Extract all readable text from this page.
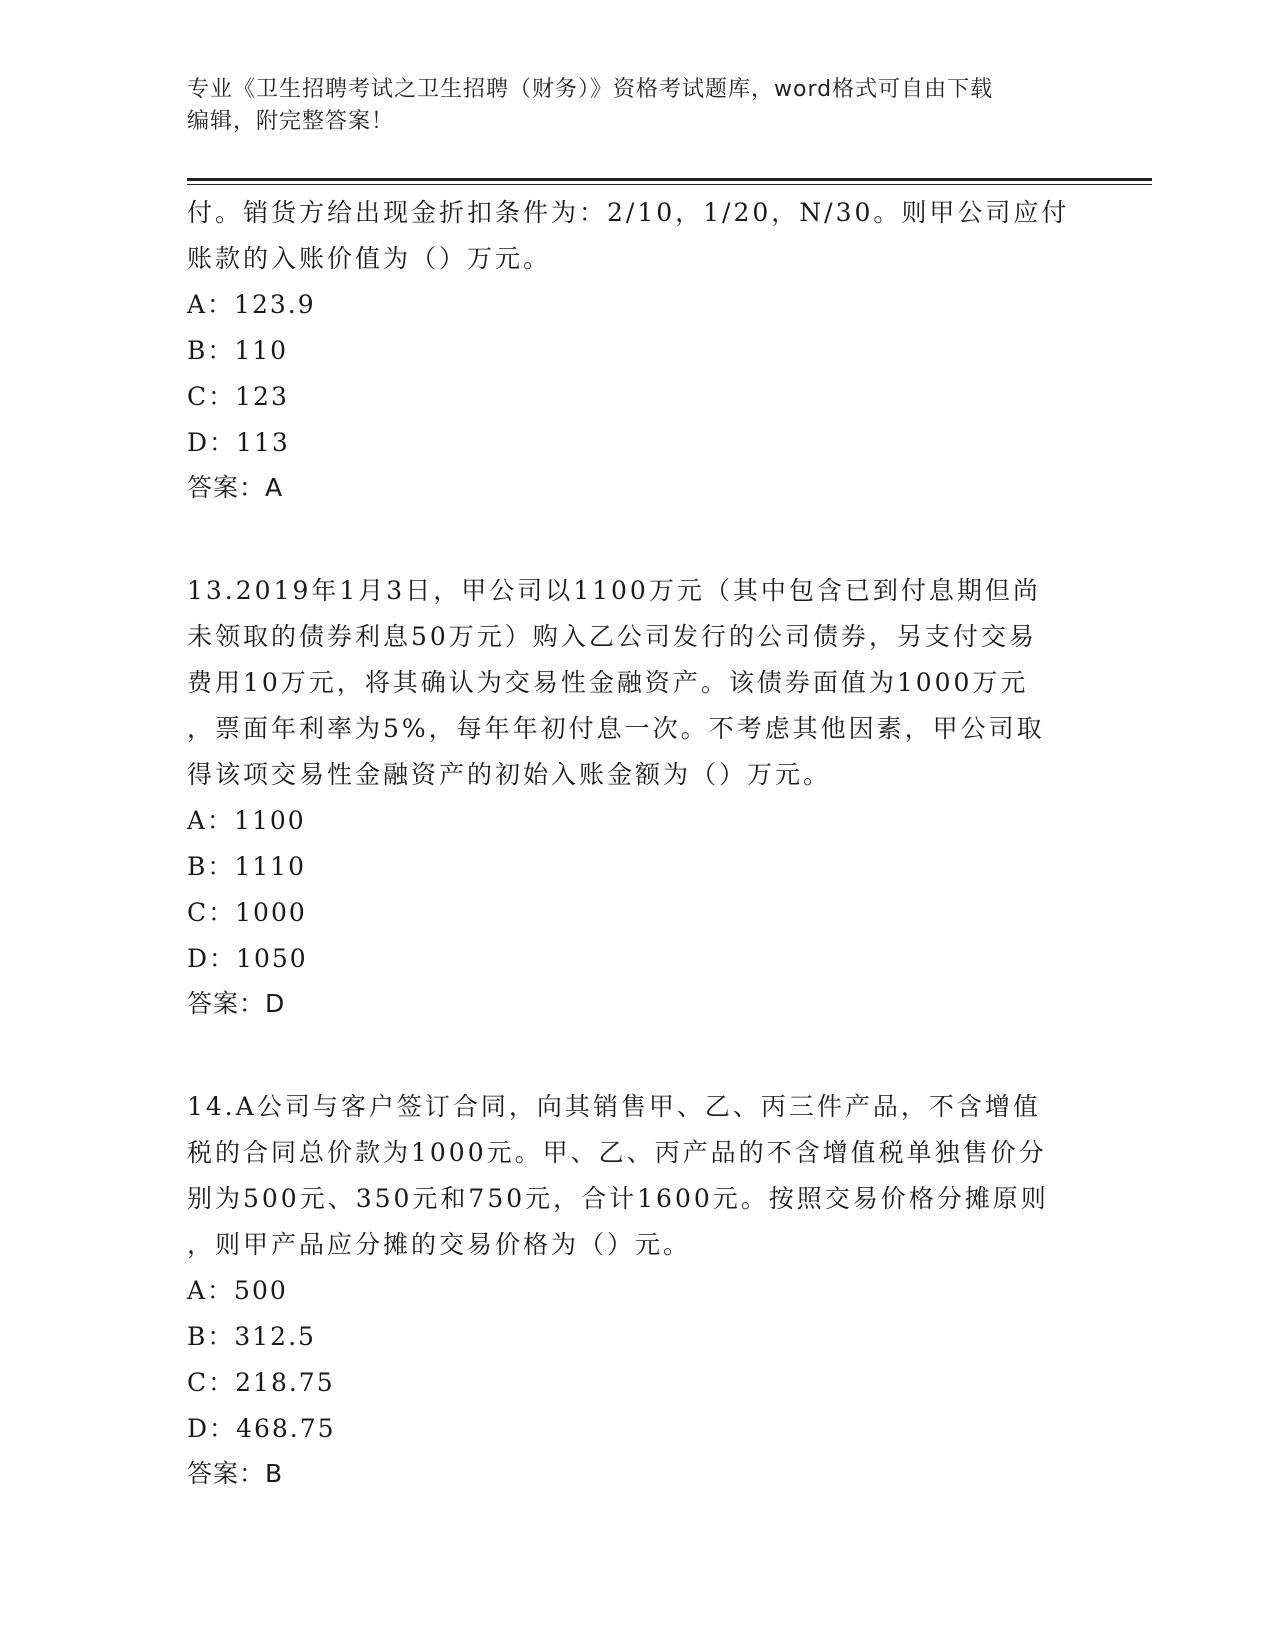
专业《卫生招聘考试之卫生招聘（财务）》资格考试题库，word格式可自由下载
编辑，附完整答案！

付。销货方给出现金折扣条件为：2/10，1/20，N/30。则甲公司应付
账款的入账价值为（）万元。

A：123.9
B：110
C：123
D：113
答案：A

13.2019年1月3日，甲公司以1100万元（其中包含已到付息期但尚
未领取的债券利息50万元）购入乙公司发行的公司债券，另支付交易
费用10万元，将其确认为交易性金融资产。该债券面值为1000万元
，票面年利率为5%，每年年初付息一次。不考虑其他因素，甲公司取
得该项交易性金融资产的初始入账金额为（）万元。

A：1100
B：1110
C：1000
D：1050
答案：D

14.A公司与客户签订合同，向其销售甲、乙、丙三件产品，不含增值
税的合同总价款为1000元。甲、乙、丙产品的不含增值税单独售价分
别为500元、350元和750元，合计1600元。按照交易价格分摊原则
，则甲产品应分摊的交易价格为（）元。

A：500
B：312.5
C：218.75
D：468.75
答案：B
